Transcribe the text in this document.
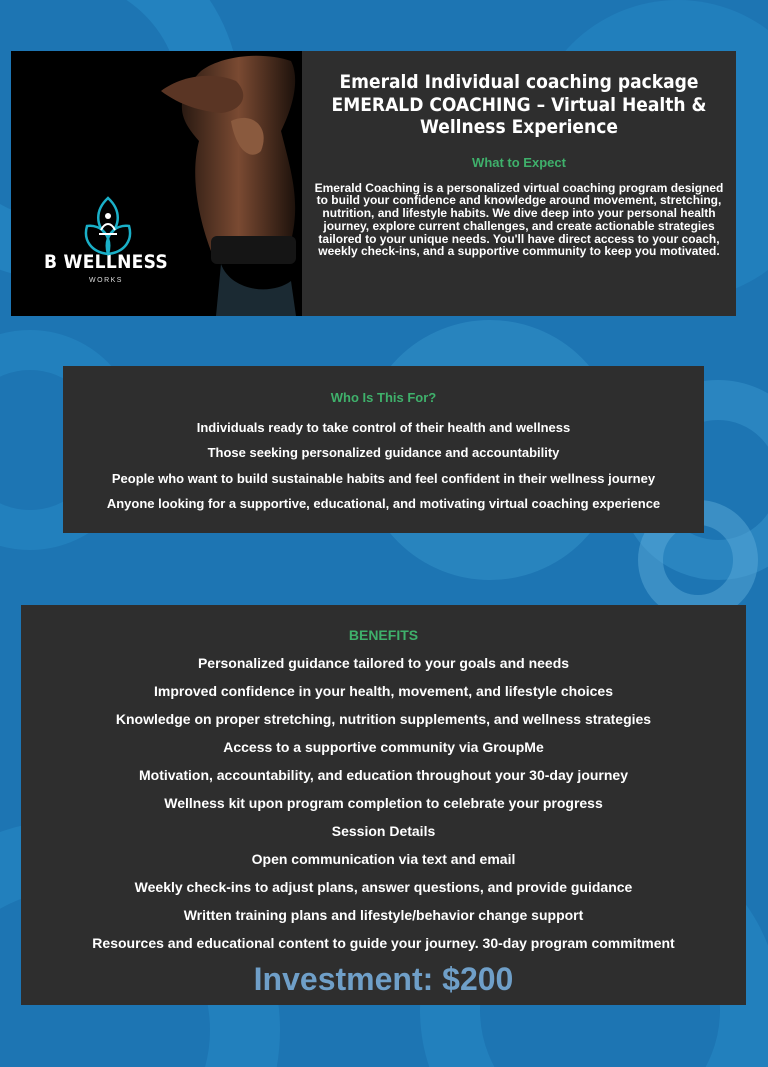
B WELLNESS
WORKS
Emerald Individual coaching package
EMERALD COACHING – Virtual Health & Wellness Experience
What to Expect

Emerald Coaching is a personalized virtual coaching program designed to build your confidence and knowledge around movement, stretching, nutrition, and lifestyle habits. We dive deep into your personal health journey, explore current challenges, and create actionable strategies tailored to your unique needs. You'll have direct access to your coach, weekly check-ins, and a supportive community to keep you motivated.

Who Is This For?
Individuals ready to take control of their health and wellness
Those seeking personalized guidance and accountability
People who want to build sustainable habits and feel confident in their wellness journey
Anyone looking for a supportive, educational, and motivating virtual coaching experience
BENEFITS
Personalized guidance tailored to your goals and needs
Improved confidence in your health, movement, and lifestyle choices
Knowledge on proper stretching, nutrition supplements, and wellness strategies
Access to a supportive community via GroupMe
Motivation, accountability, and education throughout your 30-day journey
Wellness kit upon program completion to celebrate your progress
Session Details
Open communication via text and email
Weekly check-ins to adjust plans, answer questions, and provide guidance
Written training plans and lifestyle/behavior change support
Resources and educational content to guide your journey. 30-day program commitment
Investment: $200
